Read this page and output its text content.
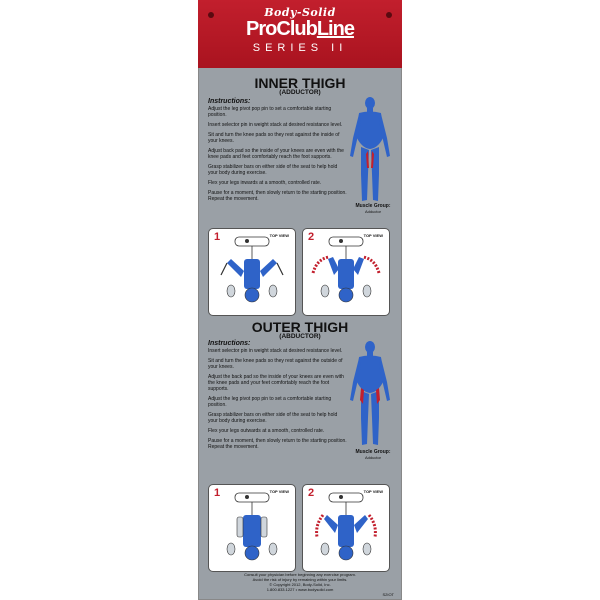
Body-Solid
ProClubLine
SERIES II
INNER THIGH
(ADDUCTOR)
Instructions:

Adjust the leg pivot pop pin to set a comfortable starting position.

Insert selector pin in weight stack at desired resistance level.

Sit and turn the knee pads so they rest against the inside of your knees.

Adjust back pad so the inside of your knees are even with the knee pads and feet comfortably reach the foot supports.

Grasp stabilizer bars on either side of the seat to help hold your body during exercise.

Flex your legs inwards at a smooth, controlled rate.

Pause for a moment, then slowly return to the starting position. Repeat the movement.

Muscle Group:
Adductor
1	TOP VIEW 2	TOP VIEW
OUTER THIGH
(ABDUCTOR)
Instructions:

Insert selector pin in weight stack at desired resistance level.

Sit and turn the knee pads so they rest against the outside of your knees.

Adjust the back pad so the inside of your knees are even with the knee pads and your feet comfortably reach the foot supports.

Adjust the leg pivot pop pin to set a comfortable starting position.

Grasp stabilizer bars on either side of the seat to help hold your body during exercise.

Flex your legs outwards at a smooth, controlled rate.

Pause for a moment, then slowly return to the starting position. Repeat the movement.

Muscle Group:
Adductor
1	TOP VIEW 2	TOP VIEW
Consult your physician before beginning any exercise program.
Avoid the risk of injury by remaining within your limits.
© Copyright 2012, Body-Solid, Inc.
1.800.833.1227 • www.bodysolid.com
S2IOT
